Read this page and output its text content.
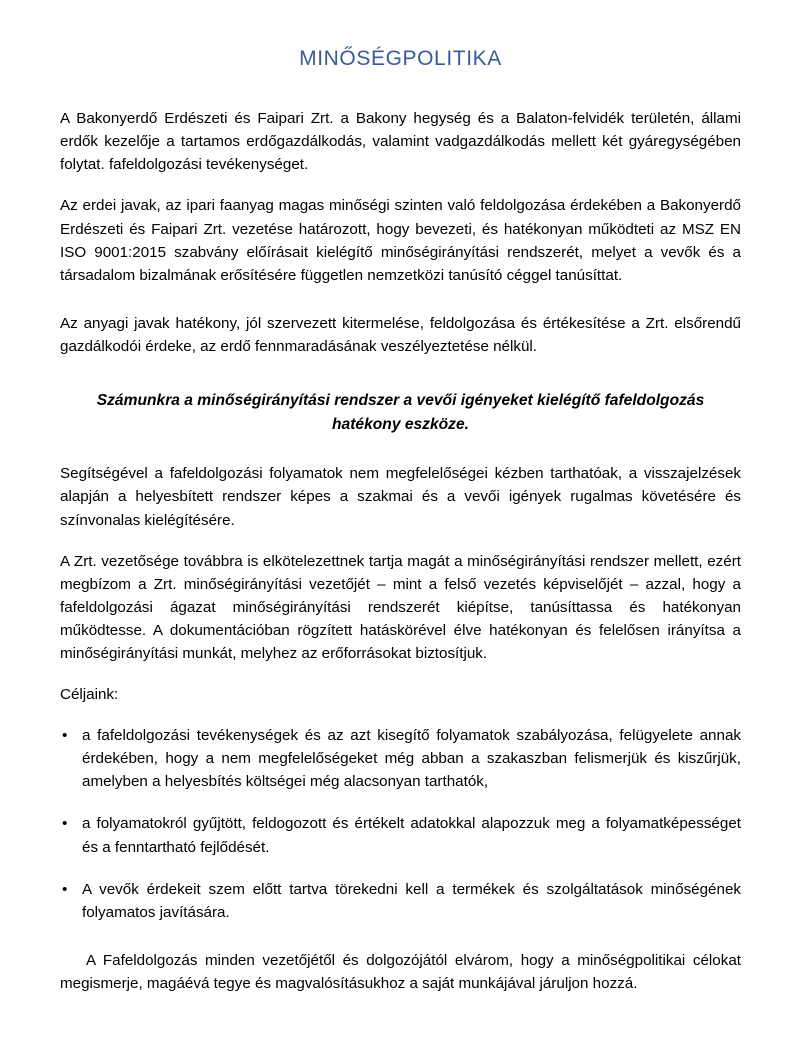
MINŐSÉGPOLITIKA

A Bakonyerdő Erdészeti és Faipari Zrt. a Bakony hegység és a Balaton-felvidék területén, állami erdők kezelője a tartamos erdőgazdálkodás, valamint vadgazdálkodás mellett két gyáregységében folytat. fafeldolgozási tevékenységet.

Az erdei javak, az ipari faanyag magas minőségi szinten való feldolgozása érdekében a Bakonyerdő Erdészeti és Faipari Zrt. vezetése határozott, hogy bevezeti, és hatékonyan működteti az MSZ EN ISO 9001:2015 szabvány előírásait kielégítő minőségirányítási rendszerét, melyet a vevők és a társadalom bizalmának erősítésére független nemzetközi tanúsító céggel tanúsíttat.

Az anyagi javak hatékony, jól szervezett kitermelése, feldolgozása és értékesítése a Zrt. elsőrendű gazdálkodói érdeke, az erdő fennmaradásának veszélyeztetése nélkül.

Számunkra a minőségirányítási rendszer a vevői igényeket kielégítő fafeldolgozás hatékony eszköze.

Segítségével a fafeldolgozási folyamatok nem megfelelőségei kézben tarthatóak, a visszajelzések alapján a helyesbített rendszer képes a szakmai és a vevői igények rugalmas követésére és színvonalas kielégítésére.

A Zrt. vezetősége továbbra is elkötelezettnek tartja magát a minőségirányítási rendszer mellett, ezért megbízom a Zrt. minőségirányítási vezetőjét – mint a felső vezetés képviselőjét – azzal, hogy a fafeldolgozási ágazat minőségirányítási rendszerét kiépítse, tanúsíttassa és hatékonyan működtesse. A dokumentációban rögzített hatáskörével élve hatékonyan és felelősen irányítsa a minőségirányítási munkát, melyhez az erőforrásokat biztosítjuk.

Céljaink:

• a fafeldolgozási tevékenységek és az azt kisegítő folyamatok szabályozása, felügyelete annak érdekében, hogy a nem megfelelőségeket még abban a szakaszban felismerjük és kiszűrjük, amelyben a helyesbítés költségei még alacsonyan tarthatók,
• a folyamatokról gyűjtött, feldogozott és értékelt adatokkal alapozzuk meg a folyamatképességet és a fenntartható fejlődését.
• A vevők érdekeit szem előtt tartva törekedni kell a termékek és szolgáltatások minőségének folyamatos javítására.

A Fafeldolgozás minden vezetőjétől és dolgozójától elvárom, hogy a minőségpolitikai célokat megismerje, magáévá tegye és magvalósításukhoz a saját munkájával járuljon hozzá.
